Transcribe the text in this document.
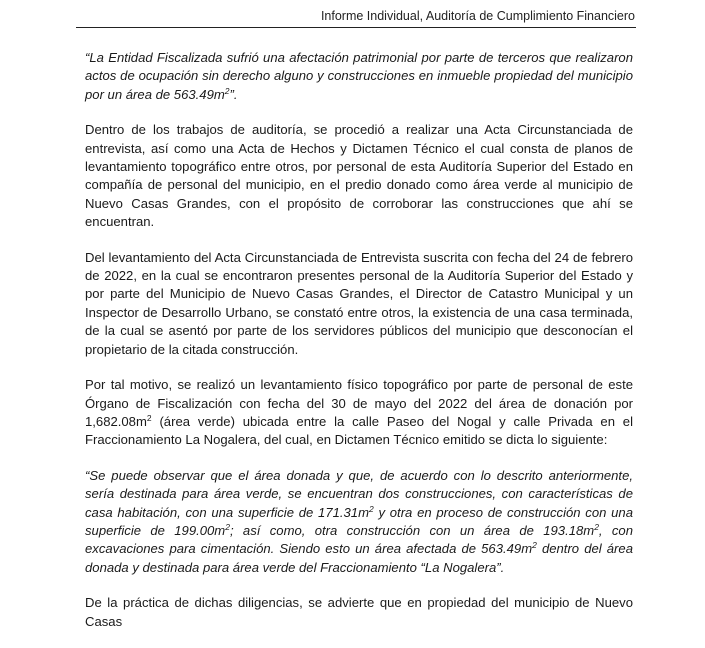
Informe Individual, Auditoría de Cumplimiento Financiero

“La Entidad Fiscalizada sufrió una afectación patrimonial por parte de terceros que realizaron actos de ocupación sin derecho alguno y construcciones en inmueble propiedad del municipio por un área de $563.49m^2$”.

Dentro de los trabajos de auditoría, se procedió a realizar una Acta Circunstanciada de entrevista, así como una Acta de Hechos y Dictamen Técnico el cual consta de planos de levantamiento topográfico entre otros, por personal de esta Auditoría Superior del Estado en compañía de personal del municipio, en el predio donado como área verde al municipio de Nuevo Casas Grandes, con el propósito de corroborar las construcciones que ahí se encuentran.

Del levantamiento del Acta Circunstanciada de Entrevista suscrita con fecha del 24 de febrero de 2022, en la cual se encontraron presentes personal de la Auditoría Superior del Estado y por parte del Municipio de Nuevo Casas Grandes, el Director de Catastro Municipal y un Inspector de Desarrollo Urbano, se constató entre otros, la existencia de una casa terminada, de la cual se asentó por parte de los servidores públicos del municipio que desconocían el propietario de la citada construcción.

Por tal motivo, se realizó un levantamiento físico topográfico por parte de personal de este Órgano de Fiscalización con fecha del 30 de mayo del 2022 del área de donación por $1,682.08m^2$ (área verde) ubicada entre la calle Paseo del Nogal y calle Privada en el Fraccionamiento La Nogalera, del cual, en Dictamen Técnico emitido se dicta lo siguiente:

“Se puede observar que el área donada y que, de acuerdo con lo descrito anteriormente, sería destinada para área verde, se encuentran dos construcciones, con características de casa habitación, con una superficie de $171.31m^2$ y otra en proceso de construcción con una superficie de $199.00m^2$; así como, otra construcción con un área de $193.18m^2$, con excavaciones para cimentación. Siendo esto un área afectada de $563.49m^2$ dentro del área donada y destinada para área verde del Fraccionamiento “La Nogalera”.

De la práctica de dichas diligencias, se advierte que en propiedad del municipio de Nuevo Casas
